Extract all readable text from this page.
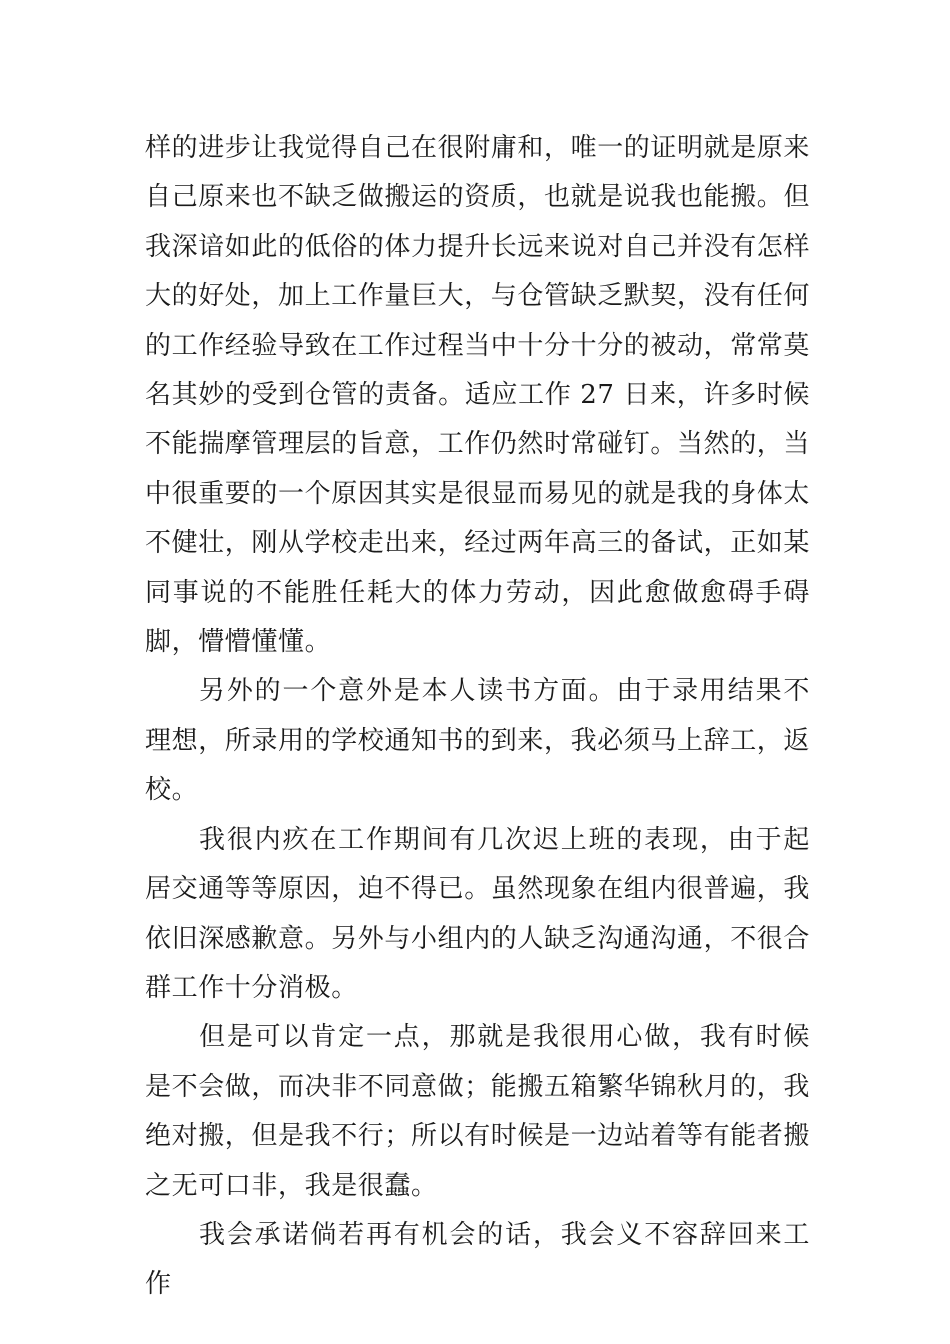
样的进步让我觉得自己在很附庸和，唯一的证明就是原来自己原来也不缺乏做搬运的资质，也就是说我也能搬。但我深谙如此的低俗的体力提升长远来说对自己并没有怎样大的好处，加上工作量巨大，与仓管缺乏默契，没有任何的工作经验导致在工作过程当中十分十分的被动，常常莫名其妙的受到仓管的责备。适应工作 27 日来，许多时候不能揣摩管理层的旨意，工作仍然时常碰钉。当然的，当中很重要的一个原因其实是很显而易见的就是我的身体太不健壮，刚从学校走出来，经过两年高三的备试，正如某同事说的不能胜任耗大的体力劳动，因此愈做愈碍手碍脚，懵懵懂懂。

另外的一个意外是本人读书方面。由于录用结果不理想，所录用的学校通知书的到来，我必须马上辞工，返校。

我很内疚在工作期间有几次迟上班的表现，由于起居交通等等原因，迫不得已。虽然现象在组内很普遍，我依旧深感歉意。另外与小组内的人缺乏沟通沟通，不很合群工作十分消极。

但是可以肯定一点，那就是我很用心做，我有时候是不会做，而决非不同意做；能搬五箱繁华锦秋月的，我绝对搬，但是我不行；所以有时候是一边站着等有能者搬之无可口非，我是很蠢。

我会承诺倘若再有机会的话，我会义不容辞回来工作
